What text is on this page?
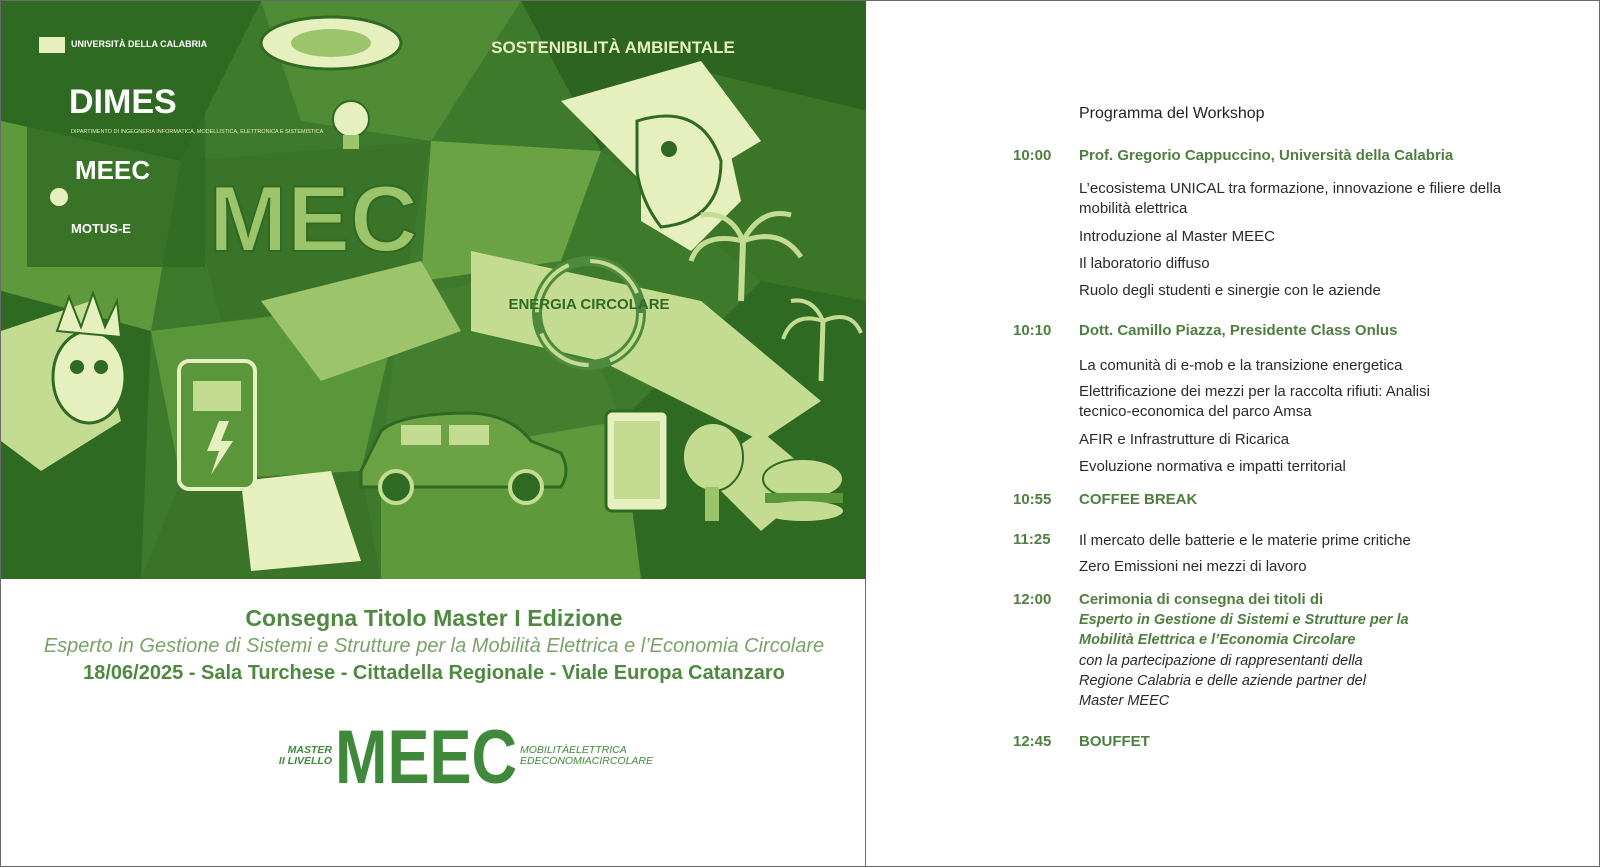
MEC
ENERGIA CIRCOLARE
SOSTENIBILITÀ AMBIENTALE
UNIVERSITÀ DELLA CALABRIA
DIMES
DIPARTIMENTO DI INGEGNERIA INFORMATICA, MODELLISTICA, ELETTRONICA E SISTEMISTICA
MEEC
MOTUS-E
Consegna Titolo Master I Edizione
Esperto in Gestione di Sistemi e Strutture per la Mobilità Elettrica e l’Economia Circolare
18/06/2025 - Sala Turchese - Cittadella Regionale - Viale Europa Catanzaro
MASTER
II LIVELLO MEEC MOBILITÀELETTRICA
EDECONOMIACIRCOLARE
Programma del Workshop
10:00 Prof. Gregorio Cappuccino, Università della Calabria
L’ecosistema UNICAL tra formazione, innovazione e filiere della mobilità elettrica
Introduzione al Master MEEC
Il laboratorio diffuso
Ruolo degli studenti e sinergie con le aziende
10:10 Dott. Camillo Piazza, Presidente Class Onlus
La comunità di e-mob e la transizione energetica
Elettrificazione dei mezzi per la raccolta rifiuti: Analisi tecnico-economica del parco Amsa
AFIR e Infrastrutture di Ricarica
Evoluzione normativa e impatti territorial
10:55 COFFEE BREAK
11:25 Il mercato delle batterie e le materie prime critiche
Zero Emissioni nei mezzi di lavoro
12:00 Cerimonia di consegna dei titoli di
Esperto in Gestione di Sistemi e Strutture per la Mobilità Elettrica e l’Economia Circolare
con la partecipazione di rappresentanti della Regione Calabria e delle aziende partner del Master MEEC
12:45 BOUFFET
